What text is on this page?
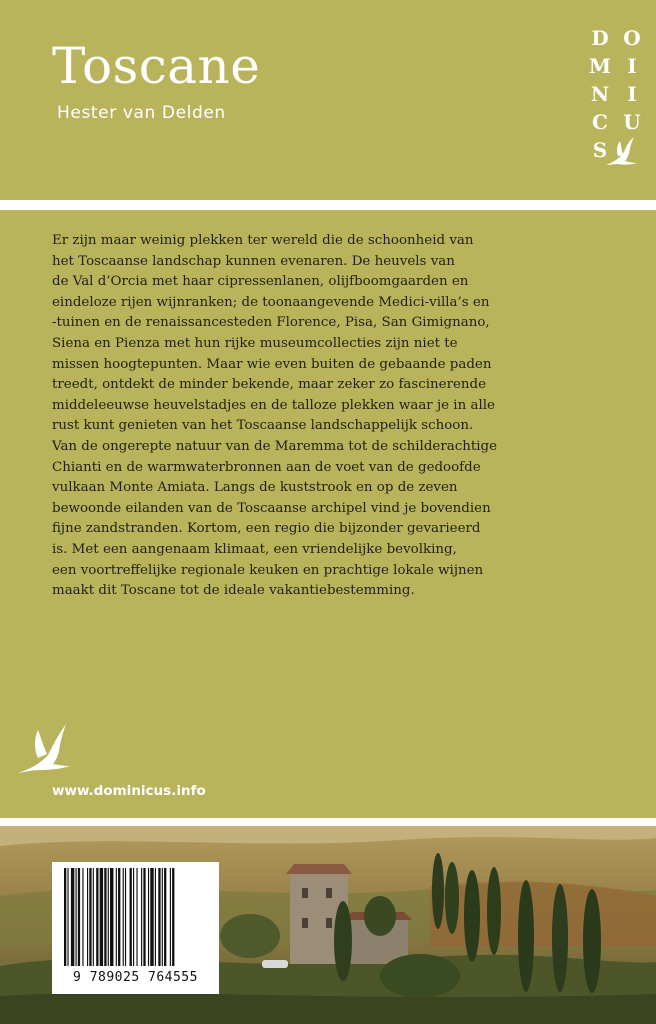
Toscane
Hester van Delden
D O
M I
N I
C U
S

Er zijn maar weinig plekken ter wereld die de schoonheid van
het Toscaanse landschap kunnen evenaren. De heuvels van
de Val d’Orcia met haar cipressenlanen, olijfboomgaarden en
eindeloze rijen wijnranken; de toonaangevende Medici-villa’s en
-tuinen en de renaissancesteden Florence, Pisa, San Gimignano,
Siena en Pienza met hun rijke museumcollecties zijn niet te
missen hoogtepunten. Maar wie even buiten de gebaande paden
treedt, ontdekt de minder bekende, maar zeker zo fascinerende
middeleeuwse heuvelstadjes en de talloze plekken waar je in alle
rust kunt genieten van het Toscaanse landschappelijk schoon.
Van de ongerepte natuur van de Maremma tot de schilderachtige
Chianti en de warmwaterbronnen aan de voet van de gedoofde
vulkaan Monte Amiata. Langs de kuststrook en op de zeven
bewoonde eilanden van de Toscaanse archipel vind je bovendien
fijne zandstranden. Kortom, een regio die bijzonder gevarieerd
is. Met een aangenaam klimaat, een vriendelijke bevolking,
een voortreffelijke regionale keuken en prachtige lokale wijnen
maakt dit Toscane tot de ideale vakantiebestemming.

www.dominicus.info
9 789025 764555
